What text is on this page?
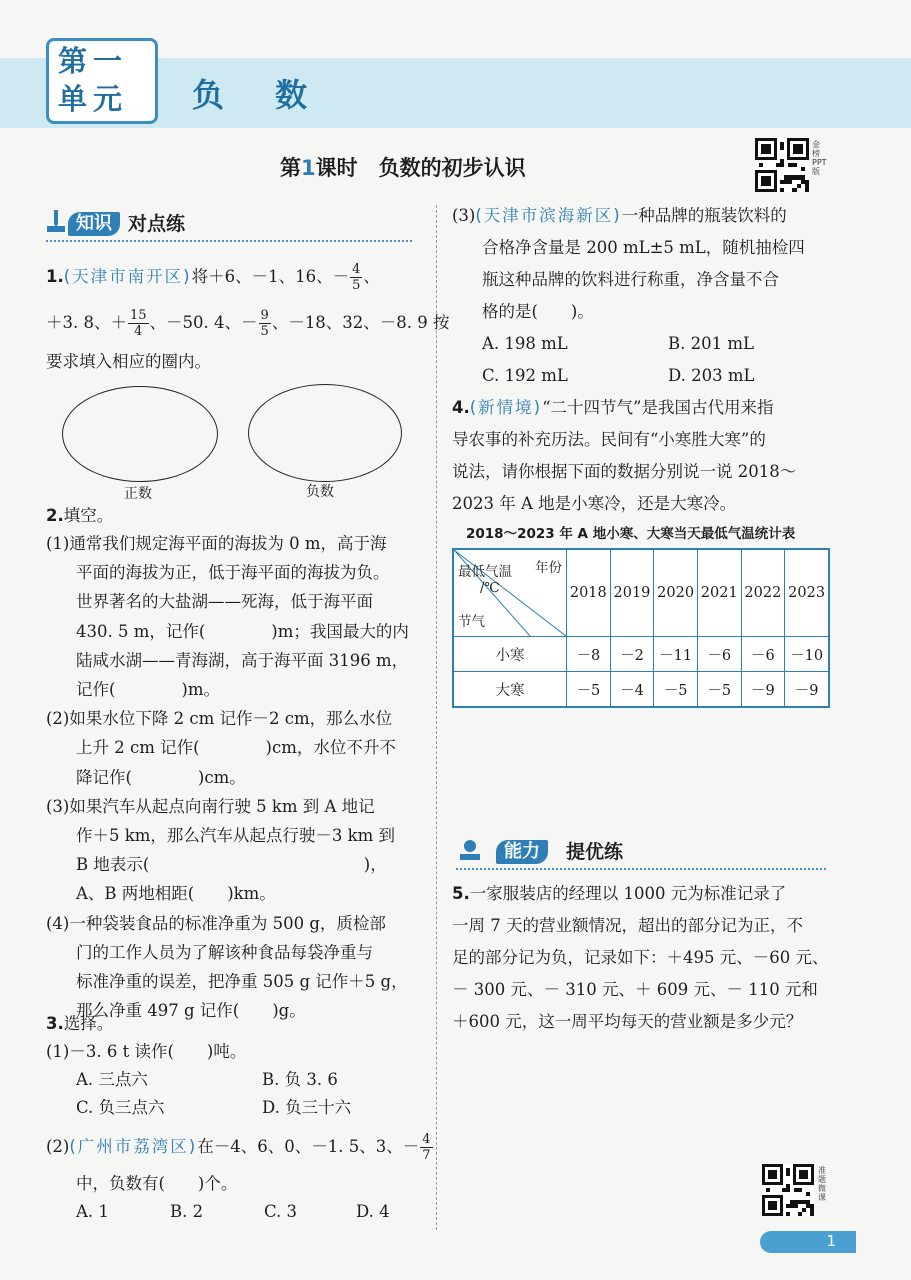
第一
单元 负 数
第1课时　负数的初步认识
金榜PPT版
知识 对点练
1.(天津市南开区)将＋6、－1、16、－ $\frac{4}{5}$ 、
＋3. 8、＋ $\frac{15}{4}$ 、－50. 4、－ $\frac{9}{5}$ 、－18、32、－8. 9 按
要求填入相应的圈内。
正数	负数
2.填空。
(1)通常我们规定海平面的海拔为 0 m，高于海
平面的海拔为正，低于海平面的海拔为负。
世界著名的大盐湖——死海，低于海平面
430. 5 m，记作(　　　　)m；我国最大的内
陆咸水湖——青海湖，高于海平面 3196 m，
记作(　　　　)m。
(2)如果水位下降 2 cm 记作－2 cm，那么水位
上升 2 cm 记作(　　　　)cm，水位不升不
降记作(　　　　)cm。
(3)如果汽车从起点向南行驶 5 km 到 A 地记
作＋5 km，那么汽车从起点行驶－3 km 到
B 地表示(　　　　　　　　　　　　　)，
A、B 两地相距(　　)km。
(4)一种袋装食品的标准净重为 500 g，质检部
门的工作人员为了解该种食品每袋净重与
标准净重的误差，把净重 505 g 记作＋5 g，
那么净重 497 g 记作(　　)g。
3.选择。
(1)－3. 6 t 读作(　　)吨。
A. 三点六	B. 负 3. 6
C. 负三点六	D. 负三十六
(2)(广州市荔湾区)在－4、6、0、－1. 5、3、－ $\frac{4}{7}$
中，负数有(　　)个。
A. 1	B. 2	C. 3	D. 4
(3)(天津市滨海新区)一种品牌的瓶装饮料的
合格净含量是 200 mL±5 mL，随机抽检四
瓶这种品牌的饮料进行称重，净含量不合
格的是(　　)。
A. 198 mL	B. 201 mL
C. 192 mL	D. 203 mL
4.(新情境)“二十四节气”是我国古代用来指
导农事的补充历法。民间有“小寒胜大寒”的
说法，请你根据下面的数据分别说一说 2018～
2023 年 A 地是小寒冷，还是大寒冷。
2018～2023 年 A 地小寒、大寒当天最低气温统计表
年份
最低气温
/℃
节气	2018	2019	2020	2021	2022	2023
小寒	－8	－2	－11	－6	－6	－10
大寒	－5	－4	－5	－5	－9	－9
能力	提优练
5.一家服装店的经理以 1000 元为标准记录了
一周 7 天的营业额情况，超出的部分记为正，不
足的部分记为负，记录如下：＋495 元、－60 元、
－ 300 元、－ 310 元、＋ 609 元、－ 110 元和
＋600 元，这一周平均每天的营业额是多少元？
准题微课
1
